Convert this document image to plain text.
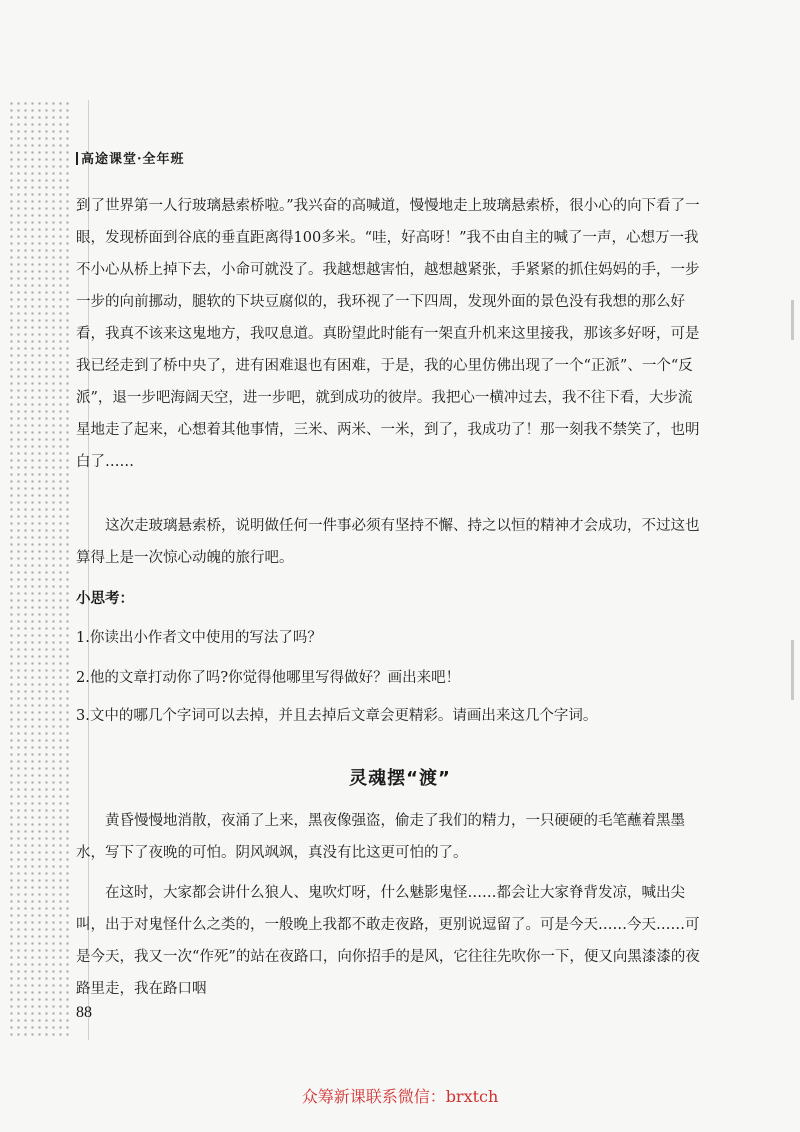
高途课堂·全年班

到了世界第一人行玻璃悬索桥啦。”我兴奋的高喊道，慢慢地走上玻璃悬索桥，很小心的向下看了一眼，发现桥面到谷底的垂直距离得100多米。“哇，好高呀！”我不由自主的喊了一声，心想万一我不小心从桥上掉下去，小命可就没了。我越想越害怕，越想越紧张，手紧紧的抓住妈妈的手，一步一步的向前挪动，腿软的下块豆腐似的，我环视了一下四周，发现外面的景色没有我想的那么好看，我真不该来这鬼地方，我叹息道。真盼望此时能有一架直升机来这里接我，那该多好呀，可是我已经走到了桥中央了，进有困难退也有困难，于是，我的心里仿佛出现了一个“正派”、一个“反派”，退一步吧海阔天空，进一步吧，就到成功的彼岸。我把心一横冲过去，我不往下看，大步流星地走了起来，心想着其他事情，三米、两米、一米，到了，我成功了！那一刻我不禁笑了，也明白了……

这次走玻璃悬索桥，说明做任何一件事必须有坚持不懈、持之以恒的精神才会成功，不过这也算得上是一次惊心动魄的旅行吧。

小思考：

1.你读出小作者文中使用的写法了吗？

2.他的文章打动你了吗?你觉得他哪里写得做好？画出来吧！

3.文中的哪几个字词可以去掉，并且去掉后文章会更精彩。请画出来这几个字词。

灵魂摆“渡”

黄昏慢慢地消散，夜涌了上来，黑夜像强盗，偷走了我们的精力，一只硬硬的毛笔蘸着黑墨水，写下了夜晚的可怕。阴风飒飒，真没有比这更可怕的了。

在这时，大家都会讲什么狼人、鬼吹灯呀，什么魅影鬼怪……都会让大家脊背发凉，喊出尖叫，出于对鬼怪什么之类的，一般晚上我都不敢走夜路，更别说逗留了。可是今天……今天……可是今天，我又一次“作死”的站在夜路口，向你招手的是风，它往往先吹你一下，便又向黑漆漆的夜路里走，我在路口咽

88
众筹新课联系微信：brxtch
